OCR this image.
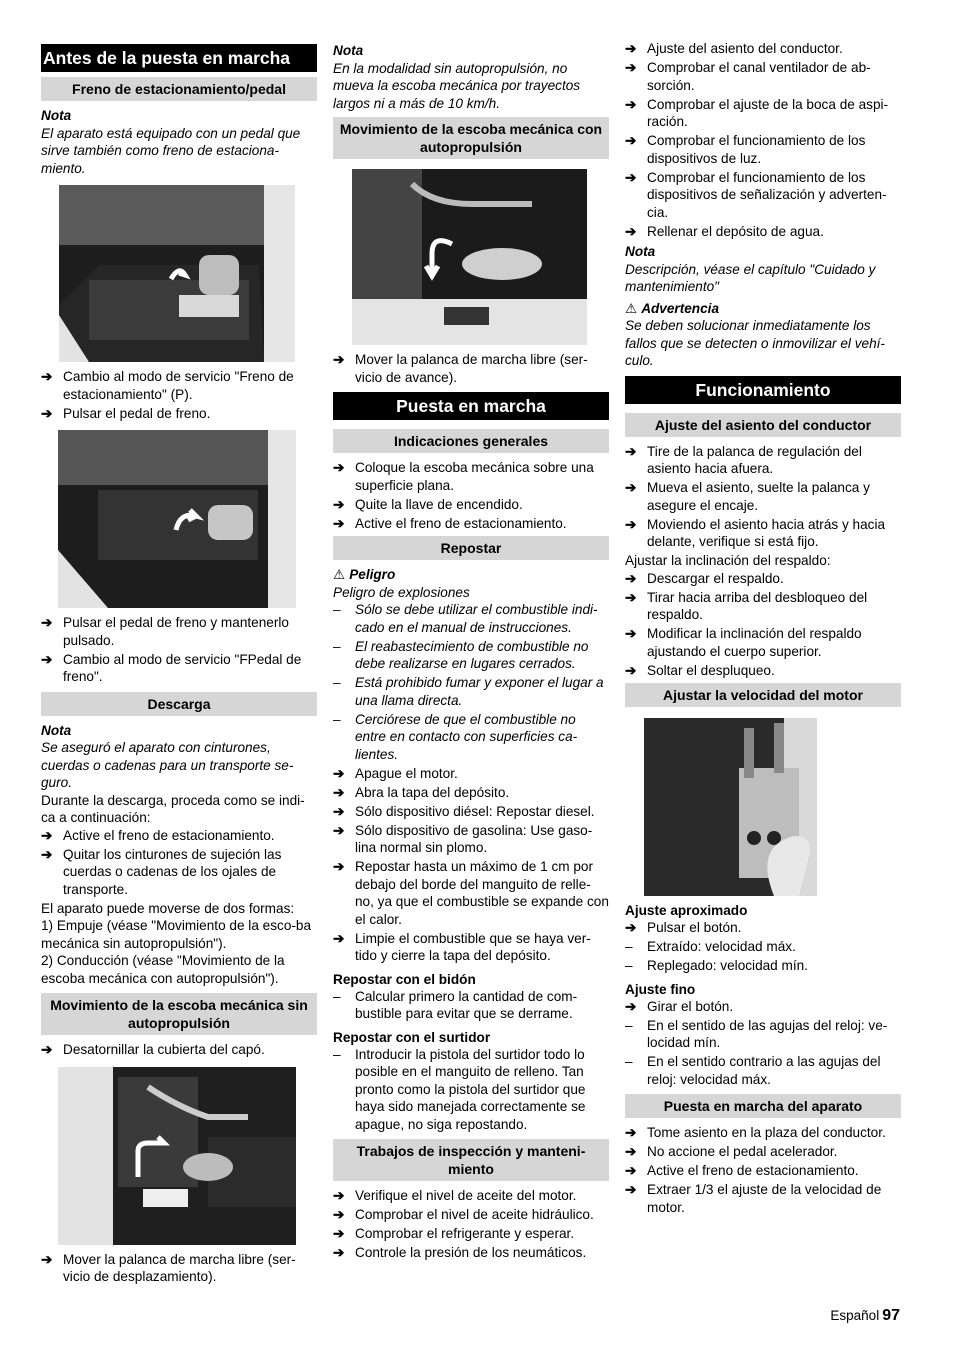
Antes de la puesta en marcha
Freno de estacionamiento/pedal

Nota

El aparato está equipado con un pedal que sirve también como freno de estaciona-miento.

➔ Cambio al modo de servicio "Freno de estacionamiento" (P).
➔ Pulsar el pedal de freno.
➔ Pulsar el pedal de freno y mantenerlo pulsado.
➔ Cambio al modo de servicio "FPedal de freno".
Descarga

Nota

Se aseguró el aparato con cinturones, cuerdas o cadenas para un transporte se-guro.

Durante la descarga, proceda como se indi-ca a continuación:

➔ Active el freno de estacionamiento.
➔ Quitar los cinturones de sujeción las cuerdas o cadenas de los ojales de transporte.

El aparato puede moverse de dos formas:

1) Empuje (véase "Movimiento de la esco-ba mecánica sin autopropulsión").

2) Conducción (véase "Movimiento de la escoba mecánica con autopropulsión").

Movimiento de la escoba mecánica sin autopropulsión
➔ Desatornillar la cubierta del capó.
➔ Mover la palanca de marcha libre (ser-vicio de desplazamiento).

Nota

En la modalidad sin autopropulsión, no mueva la escoba mecánica por trayectos largos ni a más de 10 km/h.

Movimiento de la escoba mecánica con autopropulsión
➔ Mover la palanca de marcha libre (ser-vicio de avance).
Puesta en marcha
Indicaciones generales
➔ Coloque la escoba mecánica sobre una superficie plana.
➔ Quite la llave de encendido.
➔ Active el freno de estacionamiento.
Repostar

⚠ Peligro

Peligro de explosiones

– Sólo se debe utilizar el combustible indi-cado en el manual de instrucciones.
– El reabastecimiento de combustible no debe realizarse en lugares cerrados.
– Está prohibido fumar y exponer el lugar a una llama directa.
– Cerciórese de que el combustible no entre en contacto con superficies ca-lientes.
➔ Apague el motor.
➔ Abra la tapa del depósito.
➔ Sólo dispositivo diésel: Repostar diesel.
➔ Sólo dispositivo de gasolina: Use gaso-lina normal sin plomo.
➔ Repostar hasta un máximo de 1 cm por debajo del borde del manguito de relle-no, ya que el combustible se expande con el calor.
➔ Limpie el combustible que se haya ver-tido y cierre la tapa del depósito.

Repostar con el bidón

– Calcular primero la cantidad de com-bustible para evitar que se derrame.

Repostar con el surtidor

– Introducir la pistola del surtidor todo lo posible en el manguito de relleno. Tan pronto como la pistola del surtidor que haya sido manejada correctamente se apague, no siga repostando.
Trabajos de inspección y manteni-miento
➔ Verifique el nivel de aceite del motor.
➔ Comprobar el nivel de aceite hidráulico.
➔ Comprobar el refrigerante y esperar.
➔ Controle la presión de los neumáticos.
➔ Ajuste del asiento del conductor.
➔ Comprobar el canal ventilador de ab-sorción.
➔ Comprobar el ajuste de la boca de aspi-ración.
➔ Comprobar el funcionamiento de los dispositivos de luz.
➔ Comprobar el funcionamiento de los dispositivos de señalización y adverten-cia.
➔ Rellenar el depósito de agua.

Nota

Descripción, véase el capítulo "Cuidado y mantenimiento"

⚠ Advertencia

Se deben solucionar inmediatamente los fallos que se detecten o inmovilizar el vehí-culo.

Funcionamiento
Ajuste del asiento del conductor
➔ Tire de la palanca de regulación del asiento hacia afuera.
➔ Mueva el asiento, suelte la palanca y asegure el encaje.
➔ Moviendo el asiento hacia atrás y hacia delante, verifique si está fijo.

Ajustar la inclinación del respaldo:

➔ Descargar el respaldo.
➔ Tirar hacia arriba del desbloqueo del respaldo.
➔ Modificar la inclinación del respaldo ajustando el cuerpo superior.
➔ Soltar el despluqueo.
Ajustar la velocidad del motor

Ajuste aproximado

➔ Pulsar el botón.
– Extraído: velocidad máx.
– Replegado: velocidad mín.

Ajuste fino

➔ Girar el botón.
– En el sentido de las agujas del reloj: ve-locidad mín.
– En el sentido contrario a las agujas del reloj: velocidad máx.
Puesta en marcha del aparato
➔ Tome asiento en la plaza del conductor.
➔ No accione el pedal acelerador.
➔ Active el freno de estacionamiento.
➔ Extraer 1/3 el ajuste de la velocidad de motor.
Español 97
